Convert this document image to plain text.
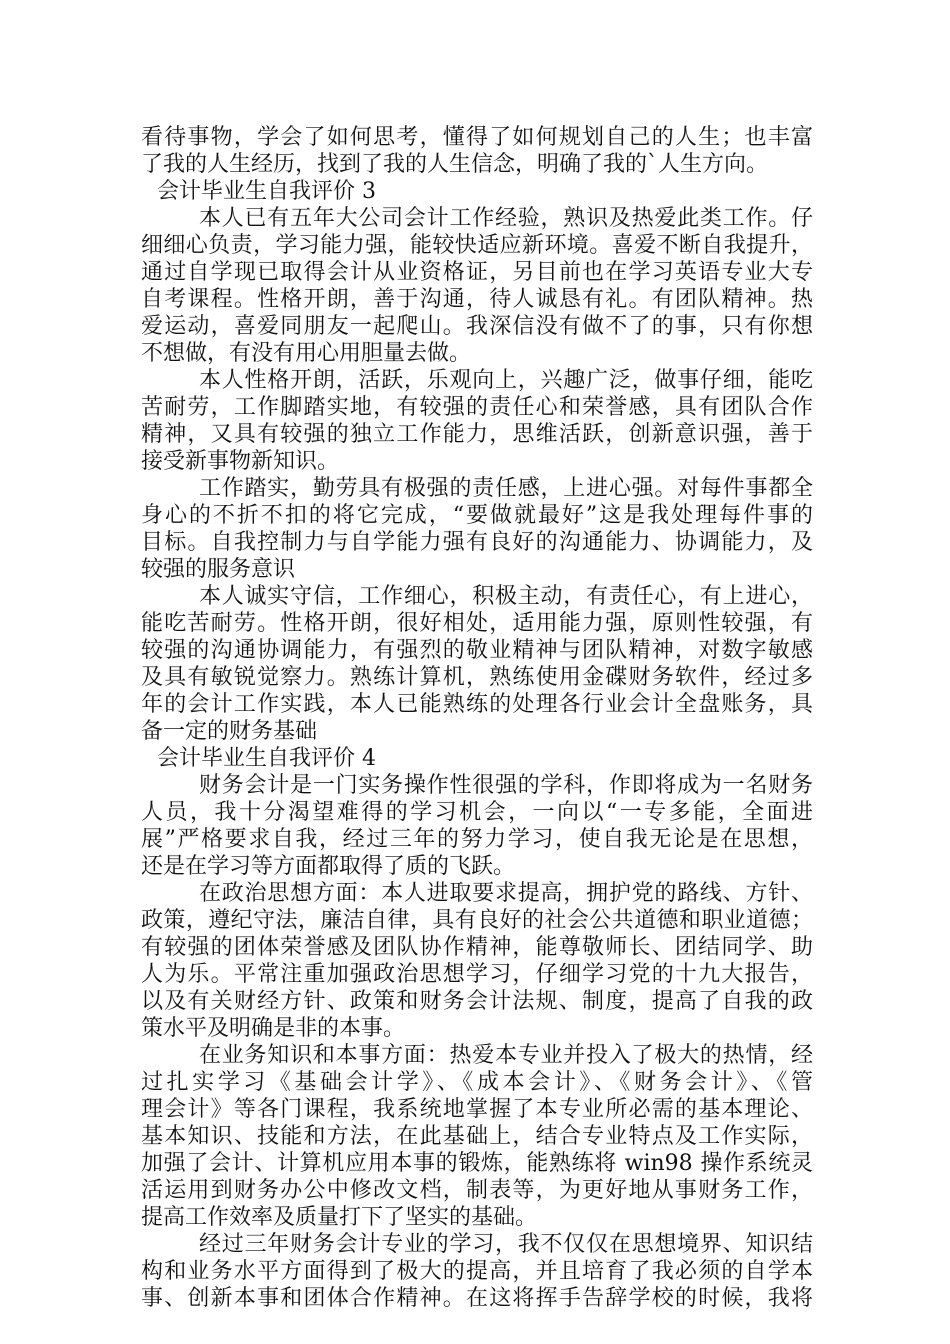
看待事物，学会了如何思考，懂得了如何规划自己的人生；也丰富
了我的人生经历，找到了我的人生信念，明确了我的`人生方向。
会计毕业生自我评价 3
本人已有五年大公司会计工作经验，熟识及热爱此类工作。仔
细细心负责，学习能力强，能较快适应新环境。喜爱不断自我提升，
通过自学现已取得会计从业资格证，另目前也在学习英语专业大专
自考课程。性格开朗，善于沟通，待人诚恳有礼。有团队精神。热
爱运动，喜爱同朋友一起爬山。我深信没有做不了的事，只有你想
不想做，有没有用心用胆量去做。
本人性格开朗，活跃，乐观向上，兴趣广泛，做事仔细，能吃
苦耐劳，工作脚踏实地，有较强的责任心和荣誉感，具有团队合作
精神，又具有较强的独立工作能力，思维活跃，创新意识强，善于
接受新事物新知识。
工作踏实，勤劳具有极强的责任感，上进心强。对每件事都全
身心的不折不扣的将它完成，“要做就最好”这是我处理每件事的
目标。自我控制力与自学能力强有良好的沟通能力、协调能力，及
较强的服务意识
本人诚实守信，工作细心，积极主动，有责任心，有上进心，
能吃苦耐劳。性格开朗，很好相处，适用能力强，原则性较强，有
较强的沟通协调能力，有强烈的敬业精神与团队精神，对数字敏感
及具有敏锐觉察力。熟练计算机，熟练使用金碟财务软件，经过多
年的会计工作实践，本人已能熟练的处理各行业会计全盘账务，具
备一定的财务基础
会计毕业生自我评价 4
财务会计是一门实务操作性很强的学科，作即将成为一名财务
人员，我十分渴望难得的学习机会，一向以“一专多能，全面进
展”严格要求自我，经过三年的努力学习，使自我无论是在思想，
还是在学习等方面都取得了质的飞跃。
在政治思想方面：本人进取要求提高，拥护党的路线、方针、
政策，遵纪守法，廉洁自律，具有良好的社会公共道德和职业道德；
有较强的团体荣誉感及团队协作精神，能尊敬师长、团结同学、助
人为乐。平常注重加强政治思想学习，仔细学习党的十九大报告，
以及有关财经方针、政策和财务会计法规、制度，提高了自我的政
策水平及明确是非的本事。
在业务知识和本事方面：热爱本专业并投入了极大的热情，经
过扎实学习《基础会计学》、《成本会计》、《财务会计》、《管
理会计》等各门课程，我系统地掌握了本专业所必需的基本理论、
基本知识、技能和方法，在此基础上，结合专业特点及工作实际，
加强了会计、计算机应用本事的锻炼，能熟练将 win98 操作系统灵
活运用到财务办公中修改文档，制表等，为更好地从事财务工作，
提高工作效率及质量打下了坚实的基础。
经过三年财务会计专业的学习，我不仅仅在思想境界、知识结
构和业务水平方面得到了极大的提高，并且培育了我必须的自学本
事、创新本事和团体合作精神。在这将挥手告辞学校的时候，我将
